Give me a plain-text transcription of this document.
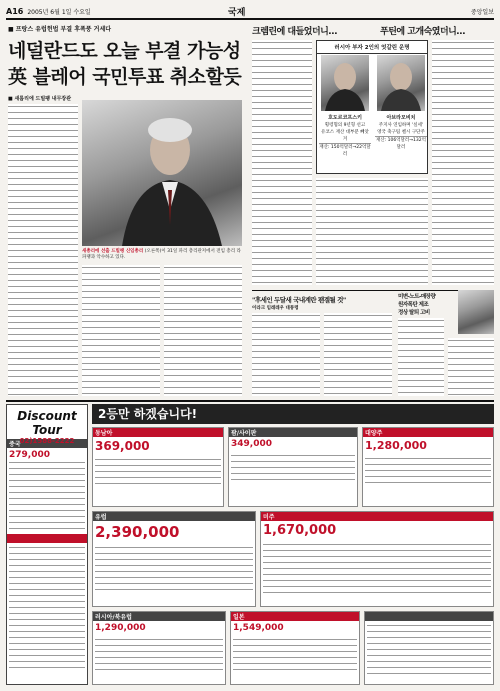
A16 2005년 6월 1일 수요일	국제	중앙일보
■ 프랑스 유럽헌법 부결 후폭풍 거세다
네덜란드도 오늘 부결 가능성
英 블레어 국민투표 취소할듯
■ 새롬리에 드빌팽 내무장관
새총리에 선출 드빌팽 신임총리 (오른쪽)이 31일 파리 총리관저에서 전임 총리 라파랭과 악수하고 있다.
크렘린에 대들었더니…	푸틴에 고개숙였더니…
러시아 부자 2인의 엇갈린 운명
호도르코프스키
횡령혐의 9년형 선고
유코스 재산 대부분 빼앗겨
재산: 150억달러→22억달러
아브라모비치
주지사 연임하며 '실세'
영국 축구팀 첼시 구단주
재산: 106억달러→132억달러
"후세인 두달새 국내계란 팬겔될 것"
이라크 임레레우 대통령
미변-노트-매장량
원자폭탄 제조
정상 탈퇴 고비
Discount Tour
02)1588-2222
중국
279,000
2등만 하겠습니다!
동남아
369,000
괌/사이판
349,000
대양주
1,280,000
유럽
2,390,000
미주
1,670,000
러시아/북유럽
1,290,000
일본
1,549,000
